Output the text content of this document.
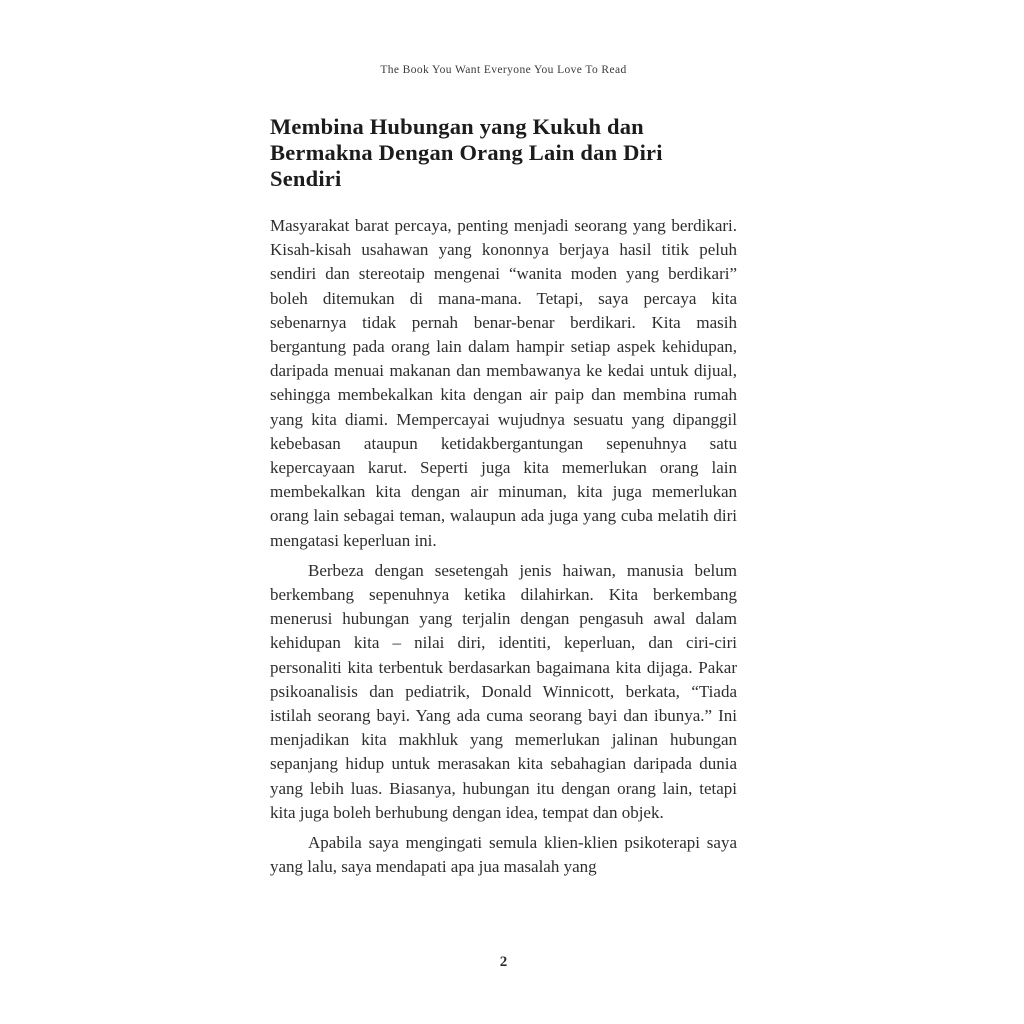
The Book You Want Everyone You Love To Read
Membina Hubungan yang Kukuh dan Bermakna Dengan Orang Lain dan Diri Sendiri

Masyarakat barat percaya, penting menjadi seorang yang berdikari. Kisah-kisah usahawan yang kononnya berjaya hasil titik peluh sendiri dan stereotaip mengenai “wanita moden yang berdikari” boleh ditemukan di mana-mana. Tetapi, saya percaya kita sebenarnya tidak pernah benar-benar berdikari. Kita masih bergantung pada orang lain dalam hampir setiap aspek kehidupan, daripada menuai makanan dan membawanya ke kedai untuk dijual, sehingga membekalkan kita dengan air paip dan membina rumah yang kita diami. Mempercayai wujudnya sesuatu yang dipanggil kebebasan ataupun ketidakbergantungan sepenuhnya satu kepercayaan karut. Seperti juga kita memerlukan orang lain membekalkan kita dengan air minuman, kita juga memerlukan orang lain sebagai teman, walaupun ada juga yang cuba melatih diri mengatasi keperluan ini.

Berbeza dengan sesetengah jenis haiwan, manusia belum berkembang sepenuhnya ketika dilahirkan. Kita berkembang menerusi hubungan yang terjalin dengan pengasuh awal dalam kehidupan kita – nilai diri, identiti, keperluan, dan ciri-ciri personaliti kita terbentuk berdasarkan bagaimana kita dijaga. Pakar psikoanalisis dan pediatrik, Donald Winnicott, berkata, “Tiada istilah seorang bayi. Yang ada cuma seorang bayi dan ibunya.” Ini menjadikan kita makhluk yang memerlukan jalinan hubungan sepanjang hidup untuk merasakan kita sebahagian daripada dunia yang lebih luas. Biasanya, hubungan itu dengan orang lain, tetapi kita juga boleh berhubung dengan idea, tempat dan objek.

Apabila saya mengingati semula klien-klien psikoterapi saya yang lalu, saya mendapati apa jua masalah yang

2
